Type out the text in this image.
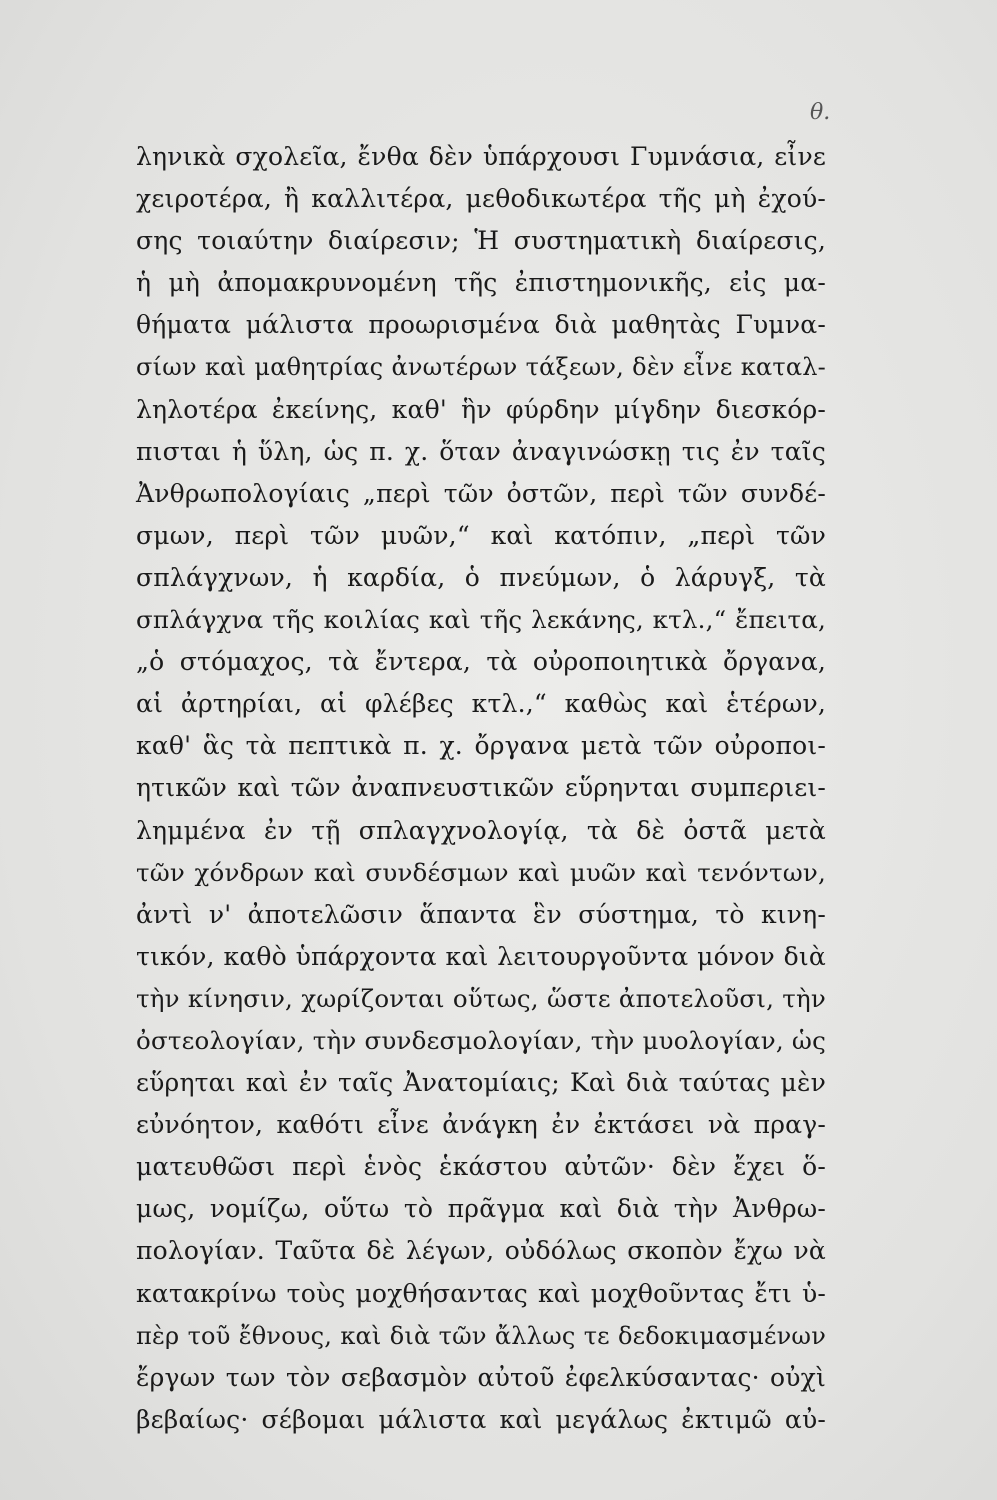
θ.
ληνικὰ σχολεῖα, ἔνθα δὲν ὑπάρχουσι Γυμνάσια, εἶνε
χειροτέρα, ἢ καλλιτέρα, μεθοδικωτέρα τῆς μὴ ἐχού-
σης τοιαύτην διαίρεσιν; Ἡ συστηματικὴ διαίρεσις,
ἡ μὴ ἀπομακρυνομένη τῆς ἐπιστημονικῆς, εἰς μα-
θήματα μάλιστα προωρισμένα διὰ μαθητὰς Γυμνα-
σίων καὶ μαθητρίας ἀνωτέρων τάξεων, δὲν εἶνε καταλ-
ληλοτέρα ἐκείνης, καθ' ἣν φύρδην μίγδην διεσκόρ-
πισται ἡ ὕλη, ὡς π. χ. ὅταν ἀναγινώσκῃ τις ἐν ταῖς
Ἀνθρωπολογίαις „περὶ τῶν ὀστῶν, περὶ τῶν συνδέ-
σμων, περὶ τῶν μυῶν,“ καὶ κατόπιν, „περὶ τῶν
σπλάγχνων, ἡ καρδία, ὁ πνεύμων, ὁ λάρυγξ, τὰ
σπλάγχνα τῆς κοιλίας καὶ τῆς λεκάνης, κτλ.,“ ἔπειτα,
„ὁ στόμαχος, τὰ ἔντερα, τὰ οὐροποιητικὰ ὄργανα,
αἱ ἀρτηρίαι, αἱ φλέβες κτλ.,“ καθὼς καὶ ἑτέρων,
καθ' ἃς τὰ πεπτικὰ π. χ. ὄργανα μετὰ τῶν οὐροποι-
ητικῶν καὶ τῶν ἀναπνευστικῶν εὕρηνται συμπεριει-
λημμένα ἐν τῇ σπλαγχνολογίᾳ, τὰ δὲ ὀστᾶ μετὰ
τῶν χόνδρων καὶ συνδέσμων καὶ μυῶν καὶ τενόντων,
ἀντὶ ν' ἀποτελῶσιν ἅπαντα ἓν σύστημα, τὸ κινη-
τικόν, καθὸ ὑπάρχοντα καὶ λειτουργοῦντα μόνον διὰ
τὴν κίνησιν, χωρίζονται οὕτως, ὥστε ἀποτελοῦσι, τὴν
ὀστεολογίαν, τὴν συνδεσμολογίαν, τὴν μυολογίαν, ὡς
εὕρηται καὶ ἐν ταῖς Ἀνατομίαις; Καὶ διὰ ταύτας μὲν
εὐνόητον, καθότι εἶνε ἀνάγκη ἐν ἐκτάσει νὰ πραγ-
ματευθῶσι περὶ ἑνὸς ἑκάστου αὐτῶν· δὲν ἔχει ὅ-
μως, νομίζω, οὕτω τὸ πρᾶγμα καὶ διὰ τὴν Ἀνθρω-
πολογίαν. Ταῦτα δὲ λέγων, οὐδόλως σκοπὸν ἔχω νὰ
κατακρίνω τοὺς μοχθήσαντας καὶ μοχθοῦντας ἔτι ὑ-
πὲρ τοῦ ἔθνους, καὶ διὰ τῶν ἄλλως τε δεδοκιμασμένων
ἔργων των τὸν σεβασμὸν αὐτοῦ ἐφελκύσαντας· οὐχὶ
βεβαίως· σέβομαι μάλιστα καὶ μεγάλως ἐκτιμῶ αὐ-
